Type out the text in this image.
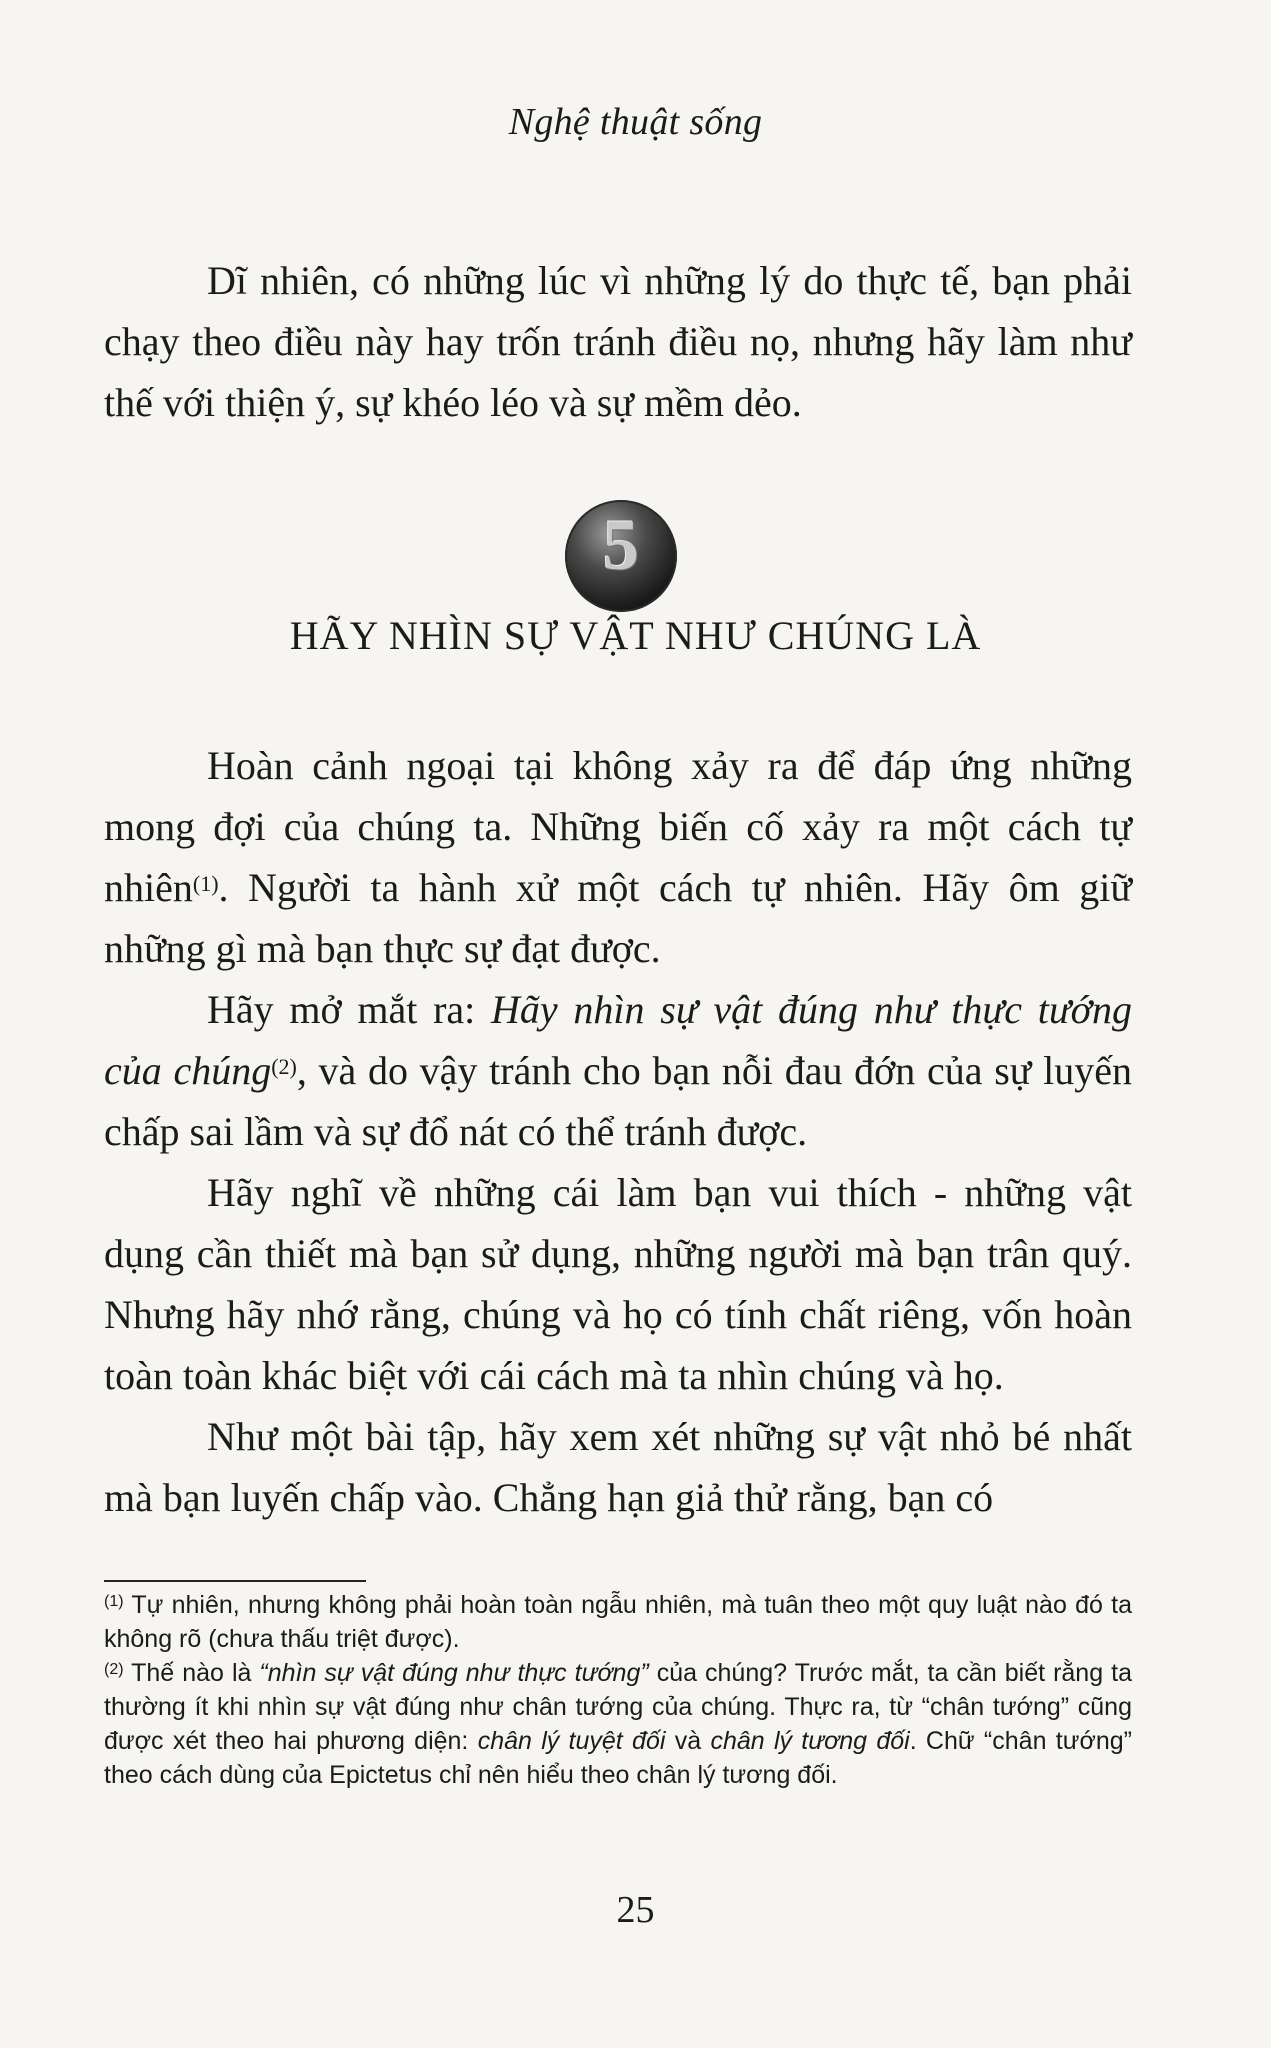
Nghệ thuật sống

Dĩ nhiên, có những lúc vì những lý do thực tế, bạn phải chạy theo điều này hay trốn tránh điều nọ, nhưng hãy làm như thế với thiện ý, sự khéo léo và sự mềm dẻo.

5
HÃY NHÌN SỰ VẬT NHƯ CHÚNG LÀ

Hoàn cảnh ngoại tại không xảy ra để đáp ứng những mong đợi của chúng ta. Những biến cố xảy ra một cách tự nhiên$^{(1)}$. Người ta hành xử một cách tự nhiên. Hãy ôm giữ những gì mà bạn thực sự đạt được.

Hãy mở mắt ra: Hãy nhìn sự vật đúng như thực tướng của chúng$^{(2)}$, và do vậy tránh cho bạn nỗi đau đớn của sự luyến chấp sai lầm và sự đổ nát có thể tránh được.

Hãy nghĩ về những cái làm bạn vui thích - những vật dụng cần thiết mà bạn sử dụng, những người mà bạn trân quý. Nhưng hãy nhớ rằng, chúng và họ có tính chất riêng, vốn hoàn toàn toàn khác biệt với cái cách mà ta nhìn chúng và họ.

Như một bài tập, hãy xem xét những sự vật nhỏ bé nhất mà bạn luyến chấp vào. Chẳng hạn giả thử rằng, bạn có

$^{(1)}$ Tự nhiên, nhưng không phải hoàn toàn ngẫu nhiên, mà tuân theo một quy luật nào đó ta không rõ (chưa thấu triệt được).

$^{(2)}$ Thế nào là “nhìn sự vật đúng như thực tướng” của chúng? Trước mắt, ta cần biết rằng ta thường ít khi nhìn sự vật đúng như chân tướng của chúng. Thực ra, từ “chân tướng” cũng được xét theo hai phương diện: chân lý tuyệt đối và chân lý tương đối. Chữ “chân tướng” theo cách dùng của Epictetus chỉ nên hiểu theo chân lý tương đối.

25
